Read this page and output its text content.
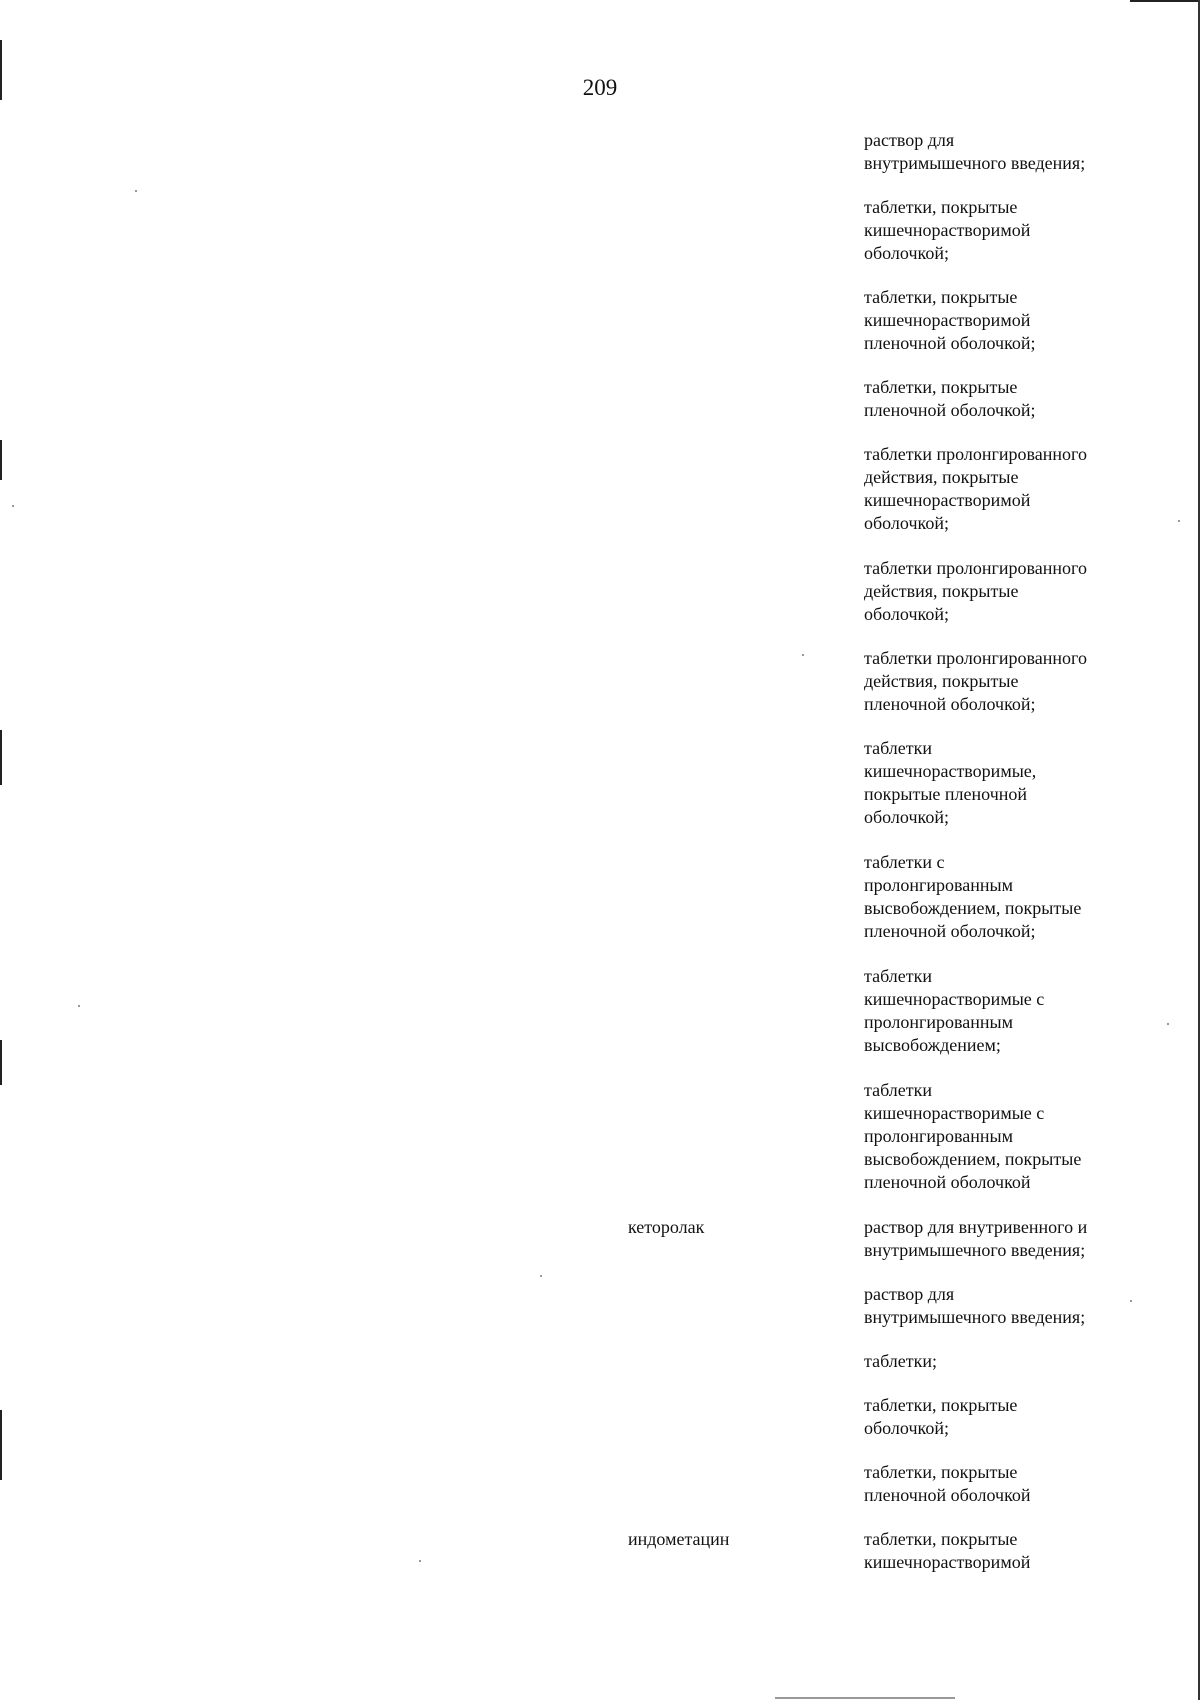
209
кеторолак
индометацин
раствор для
внутримышечного введения;
таблетки, покрытые
кишечнорастворимой
оболочкой;
таблетки, покрытые
кишечнорастворимой
пленочной оболочкой;
таблетки, покрытые
пленочной оболочкой;
таблетки пролонгированного
действия, покрытые
кишечнорастворимой
оболочкой;
таблетки пролонгированного
действия, покрытые
оболочкой;
таблетки пролонгированного
действия, покрытые
пленочной оболочкой;
таблетки
кишечнорастворимые,
покрытые пленочной
оболочкой;
таблетки с
пролонгированным
высвобождением, покрытые
пленочной оболочкой;
таблетки
кишечнорастворимые с
пролонгированным
высвобождением;
таблетки
кишечнорастворимые с
пролонгированным
высвобождением, покрытые
пленочной оболочкой
раствор для внутривенного и
внутримышечного введения;
раствор для
внутримышечного введения;
таблетки;
таблетки, покрытые
оболочкой;
таблетки, покрытые
пленочной оболочкой
таблетки, покрытые
кишечнорастворимой
